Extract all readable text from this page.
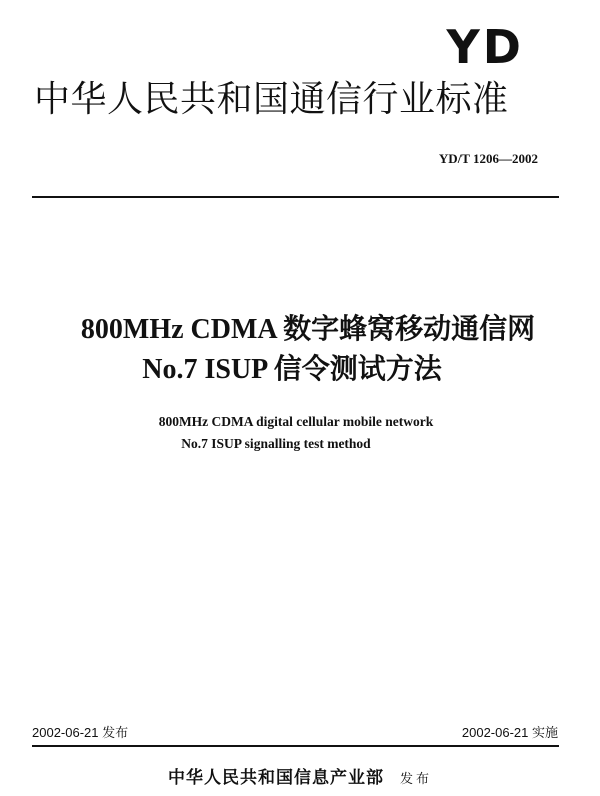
YD
中华人民共和国通信行业标准
YD/T 1206—2002
800MHz CDMA 数字蜂窝移动通信网
No.7 ISUP 信令测试方法
800MHz CDMA digital cellular mobile network
No.7 ISUP signalling test method
2002-06-21 发布	2002-06-21 实施
中华人民共和国信息产业部 发布
